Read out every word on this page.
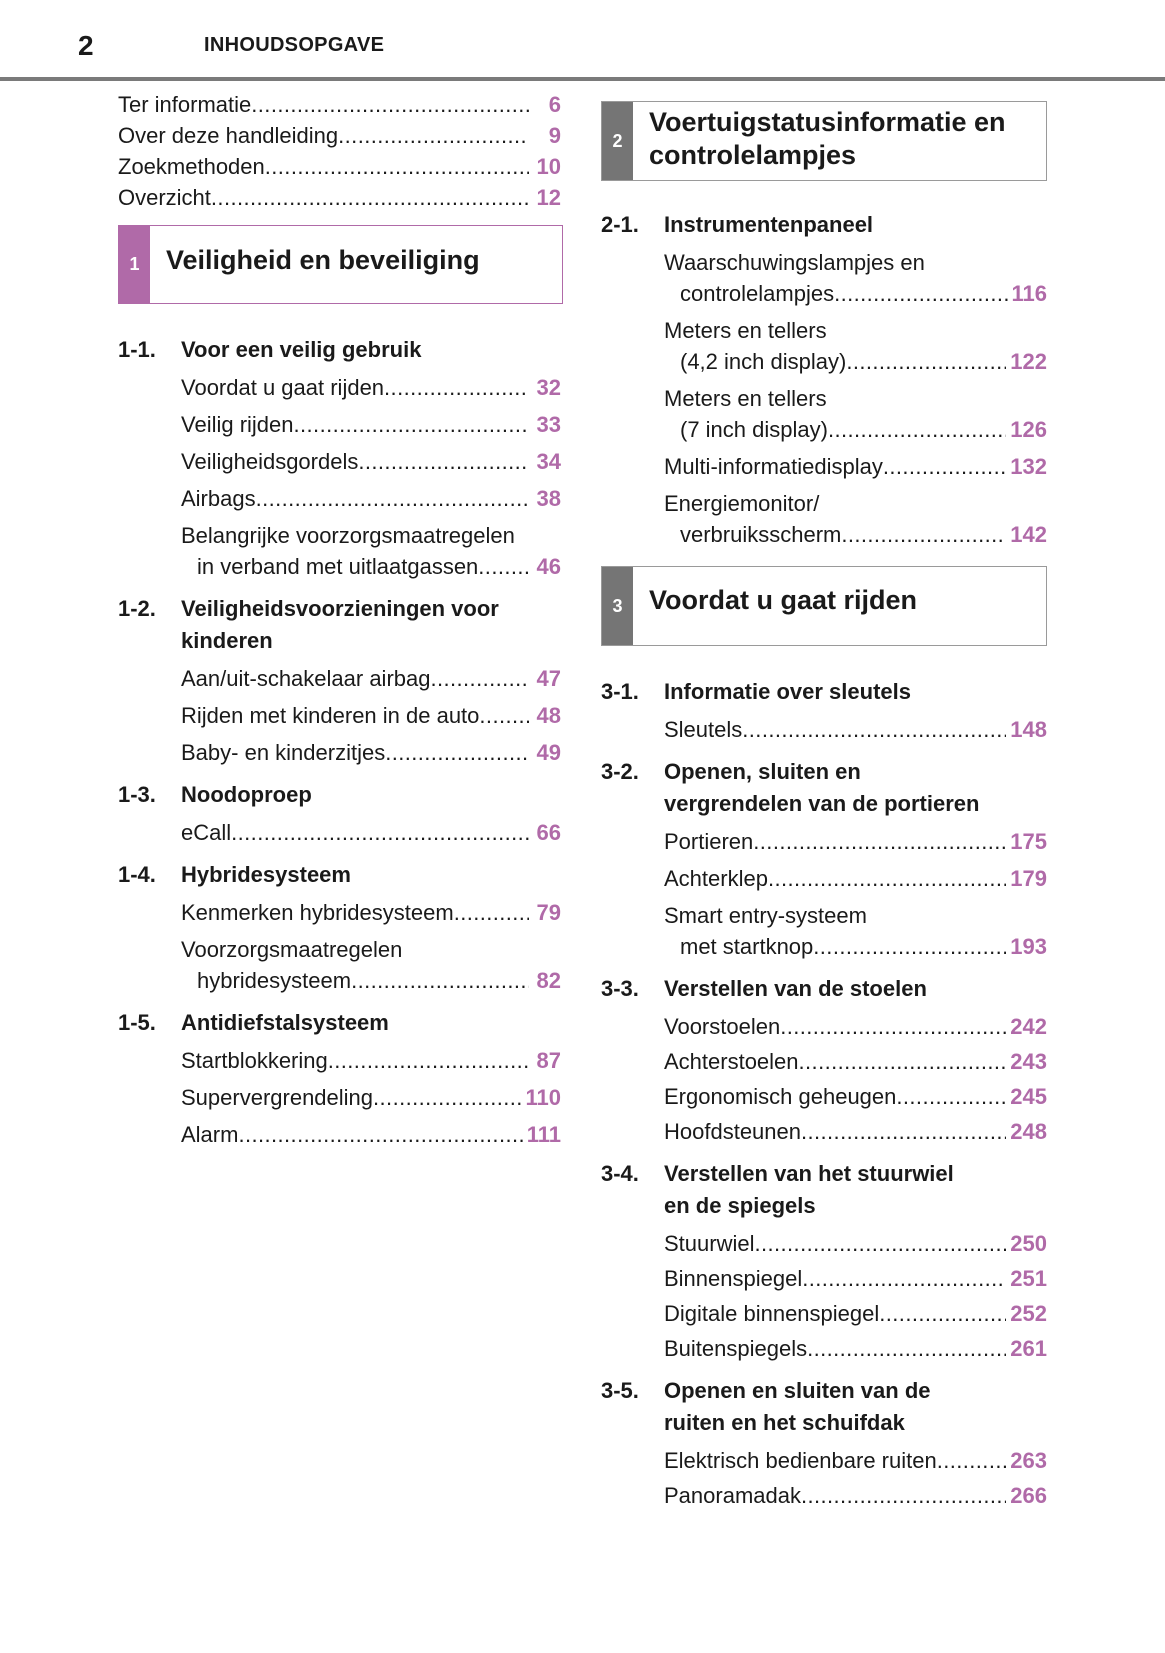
2	INHOUDSOPGAVE
Ter informatie .....	6
Over deze handleiding .....	9
Zoekmethoden .....	10
Overzicht .....	12
1 Veiligheid en beveiliging
1-1.	Voor een veilig gebruik
Voordat u gaat rijden .....	32
Veilig rijden .....	33
Veiligheidsgordels .....	34
Airbags .....	38
Belangrijke voorzorgsmaatregelen
in verband met uitlaatgassen .....	46
1-2.	Veiligheidsvoorzieningen voor
kinderen
Aan/uit-schakelaar airbag .....	47
Rijden met kinderen in de auto .....	48
Baby- en kinderzitjes .....	49
1-3.	Noodoproep
eCall .....	66
1-4.	Hybridesysteem
Kenmerken hybridesysteem .....	79
Voorzorgsmaatregelen
hybridesysteem .....	82
1-5.	Antidiefstalsysteem
Startblokkering .....	87
Supervergrendeling .....	110
Alarm .....	111
2
Voertuigstatusinformatie en
controlelampjes
2-1.	Instrumentenpaneel
Waarschuwingslampjes en
controlelampjes .....	116
Meters en tellers
(4,2 inch display) .....	122
Meters en tellers
(7 inch display) .....	126
Multi-informatiedisplay .....	132
Energiemonitor/
verbruiksscherm .....	142
3 Voordat u gaat rijden
3-1.	Informatie over sleutels
Sleutels .....	148
3-2.	Openen, sluiten en
vergrendelen van de portieren
Portieren .....	175
Achterklep .....	179
Smart entry-systeem
met startknop .....	193
3-3.	Verstellen van de stoelen
Voorstoelen .....	242
Achterstoelen .....	243
Ergonomisch geheugen .....	245
Hoofdsteunen .....	248
3-4.	Verstellen van het stuurwiel
en de spiegels
Stuurwiel .....	250
Binnenspiegel .....	251
Digitale binnenspiegel .....	252
Buitenspiegels .....	261
3-5.	Openen en sluiten van de
ruiten en het schuifdak
Elektrisch bedienbare ruiten .....	263
Panoramadak .....	266
